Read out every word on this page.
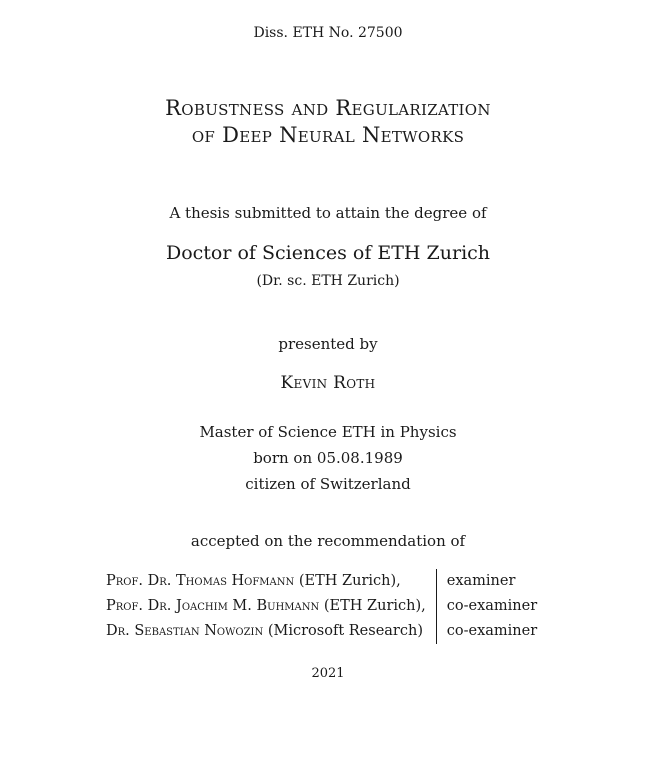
Diss. ETH No. 27500
Robustness and Regularization
of Deep Neural Networks
A thesis submitted to attain the degree of
Doctor of Sciences of ETH Zurich
(Dr. sc. ETH Zurich)
presented by
Kevin Roth
Master of Science ETH in Physics
born on 05.08.1989
citizen of Switzerland
accepted on the recommendation of
Prof. Dr. Thomas Hofmann (ETH Zurich),	examiner
Prof. Dr. Joachim M. Buhmann (ETH Zurich),	co-examiner
Dr. Sebastian Nowozin (Microsoft Research)	co-examiner
2021
